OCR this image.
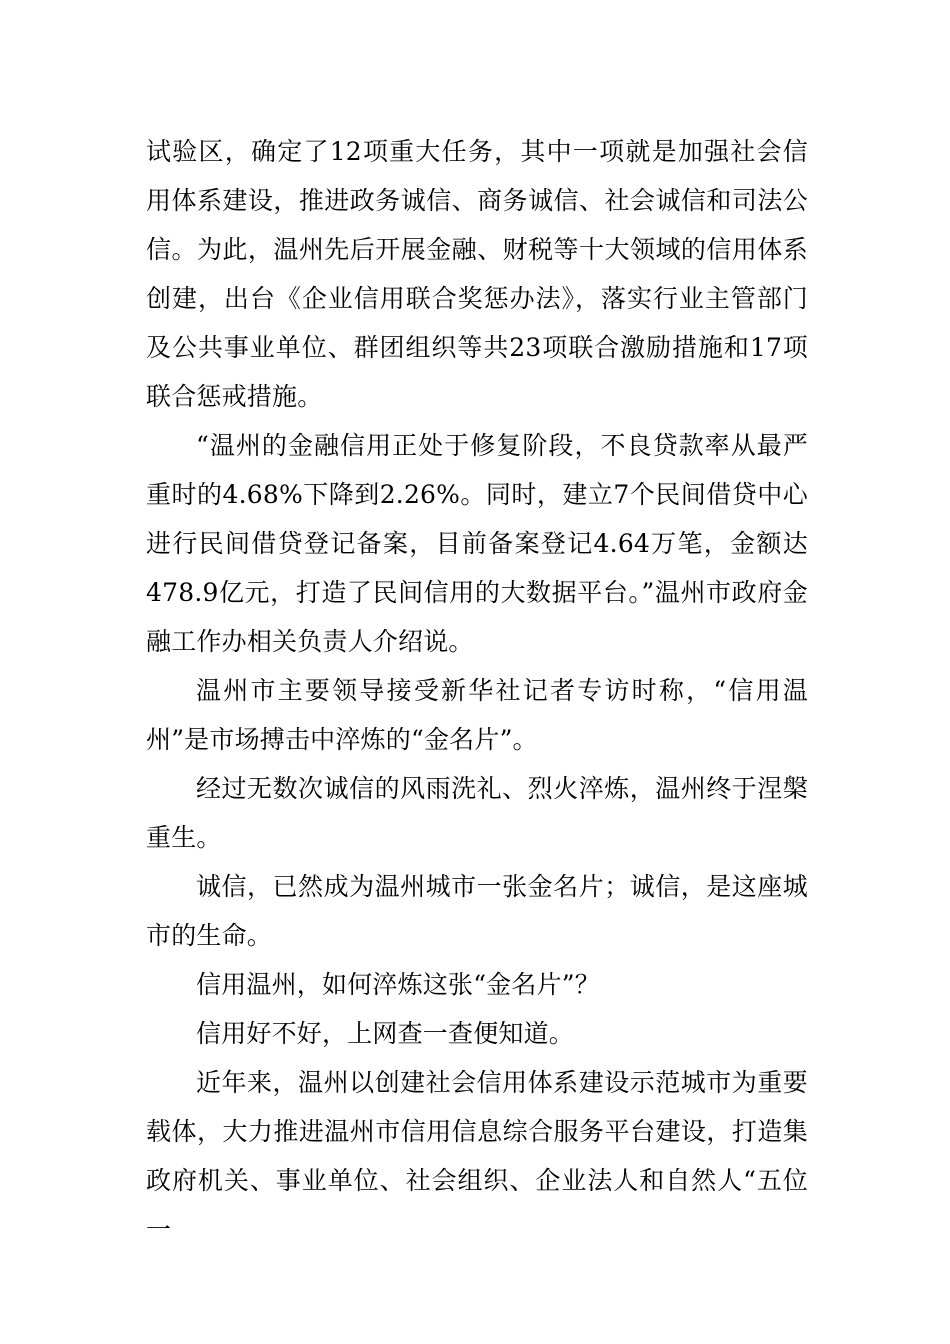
试验区，确定了12项重大任务，其中一项就是加强社会信用体系建设，推进政务诚信、商务诚信、社会诚信和司法公信。为此，温州先后开展金融、财税等十大领域的信用体系创建，出台《企业信用联合奖惩办法》，落实行业主管部门及公共事业单位、群团组织等共23项联合激励措施和17项联合惩戒措施。

“温州的金融信用正处于修复阶段，不良贷款率从最严重时的4.68%下降到2.26%。同时，建立7个民间借贷中心进行民间借贷登记备案，目前备案登记4.64万笔，金额达478.9亿元，打造了民间信用的大数据平台。”温州市政府金融工作办相关负责人介绍说。

温州市主要领导接受新华社记者专访时称，“信用温州”是市场搏击中淬炼的“金名片”。

经过无数次诚信的风雨洗礼、烈火淬炼，温州终于涅槃重生。

诚信，已然成为温州城市一张金名片；诚信，是这座城市的生命。

信用温州，如何淬炼这张“金名片”？

信用好不好，上网查一查便知道。

近年来，温州以创建社会信用体系建设示范城市为重要载体，大力推进温州市信用信息综合服务平台建设，打造集政府机关、事业单位、社会组织、企业法人和自然人“五位一
